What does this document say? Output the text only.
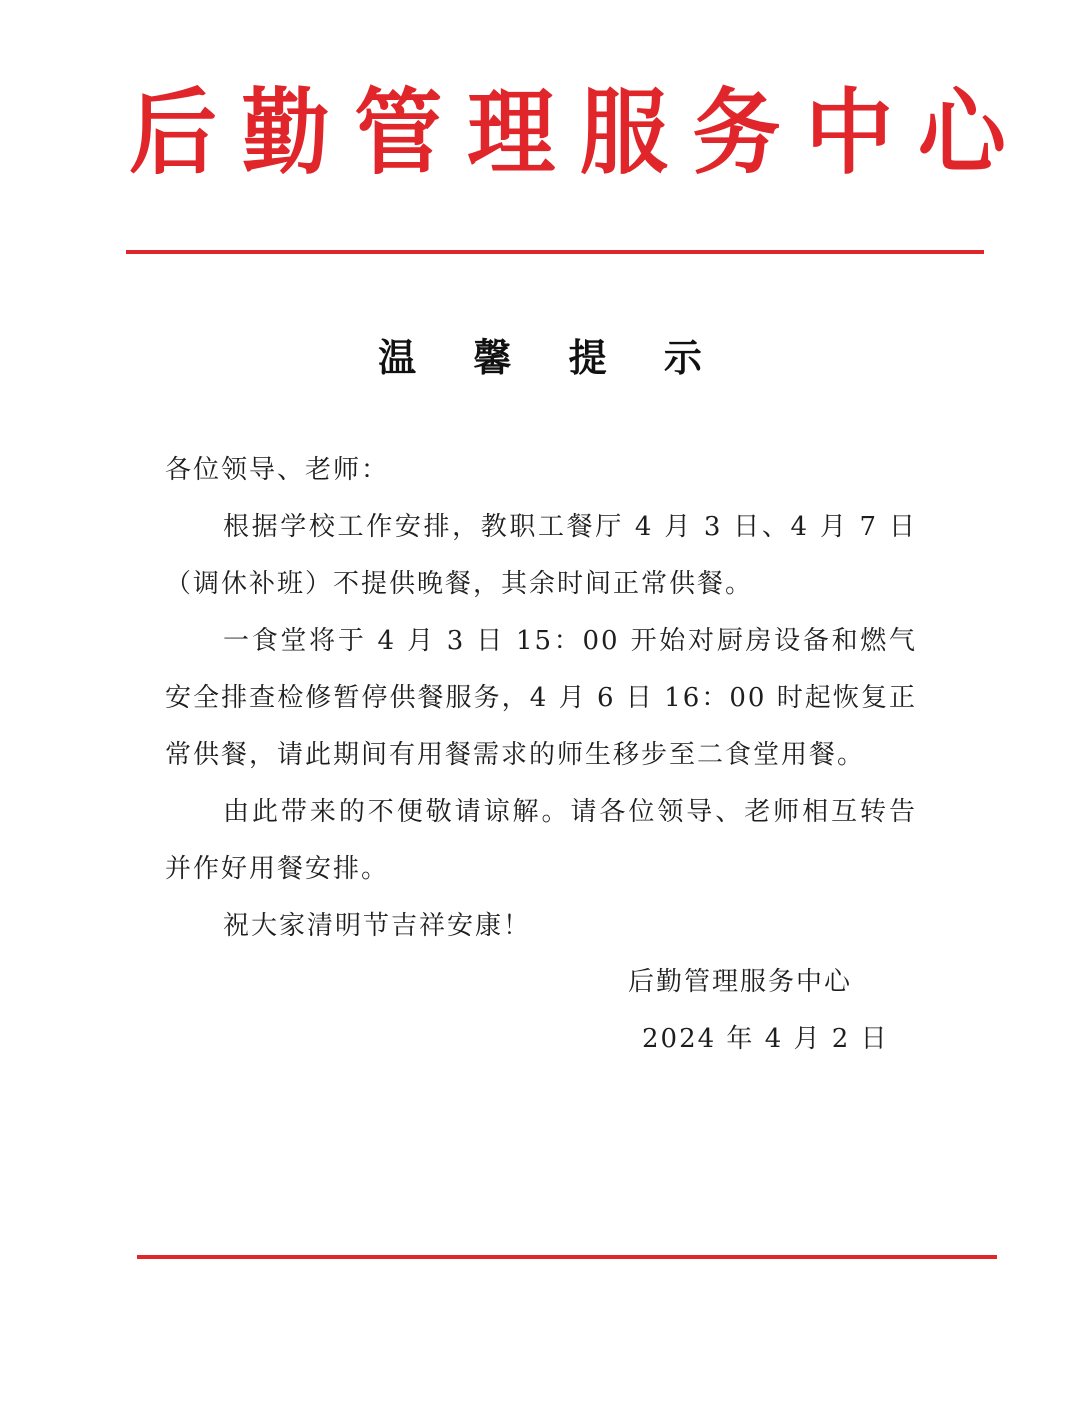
后 勤 管 理 服 务 中 心
温 馨 提 示

各位领导、老师：

根据学校工作安排，教职工餐厅 4 月 3 日、4 月 7 日（调休补班）不提供晚餐，其余时间正常供餐。

一食堂将于 4 月 3 日 15：00 开始对厨房设备和燃气安全排查检修暂停供餐服务，4 月 6 日 16：00 时起恢复正常供餐，请此期间有用餐需求的师生移步至二食堂用餐。

由此带来的不便敬请谅解。请各位领导、老师相互转告并作好用餐安排。

祝大家清明节吉祥安康！

后勤管理服务中心
2024 年 4 月 2 日
